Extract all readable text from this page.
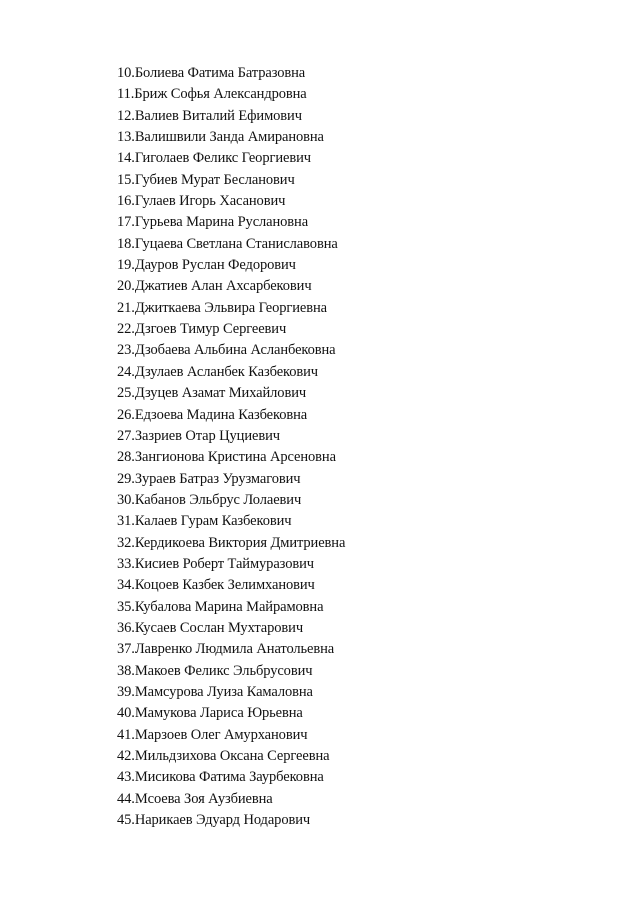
10.Болиева Фатима Батразовна
11.Бриж Софья Александровна
12.Валиев Виталий Ефимович
13.Валишвили Занда Амирановна
14.Гиголаев Феликс Георгиевич
15.Губиев Мурат Бесланович
16.Гулаев Игорь Хасанович
17.Гурьева Марина Руслановна
18.Гуцаева Светлана Станиславовна
19.Дауров Руслан Федорович
20.Джатиев Алан Ахсарбекович
21.Джиткаева Эльвира Георгиевна
22.Дзгоев Тимур Сергеевич
23.Дзобаева Альбина Асланбековна
24.Дзулаев Асланбек Казбекович
25.Дзуцев Азамат Михайлович
26.Едзоева Мадина Казбековна
27.Зазриев Отар Цуциевич
28.Зангионова Кристина Арсеновна
29.Зураев Батраз Урузмагович
30.Кабанов Эльбрус Лолаевич
31.Калаев Гурам Казбекович
32.Кердикоева Виктория Дмитриевна
33.Кисиев Роберт Таймуразович
34.Коцоев Казбек Зелимханович
35.Кубалова Марина Майрамовна
36.Кусаев Сослан Мухтарович
37.Лавренко Людмила Анатольевна
38.Макоев Феликс Эльбрусович
39.Мамсурова Луиза Камаловна
40.Мамукова Лариса Юрьевна
41.Марзоев Олег Амурханович
42.Мильдзихова Оксана Сергеевна
43.Мисикова Фатима Заурбековна
44.Мсоева Зоя Аузбиевна
45.Нарикаев Эдуард Нодарович
